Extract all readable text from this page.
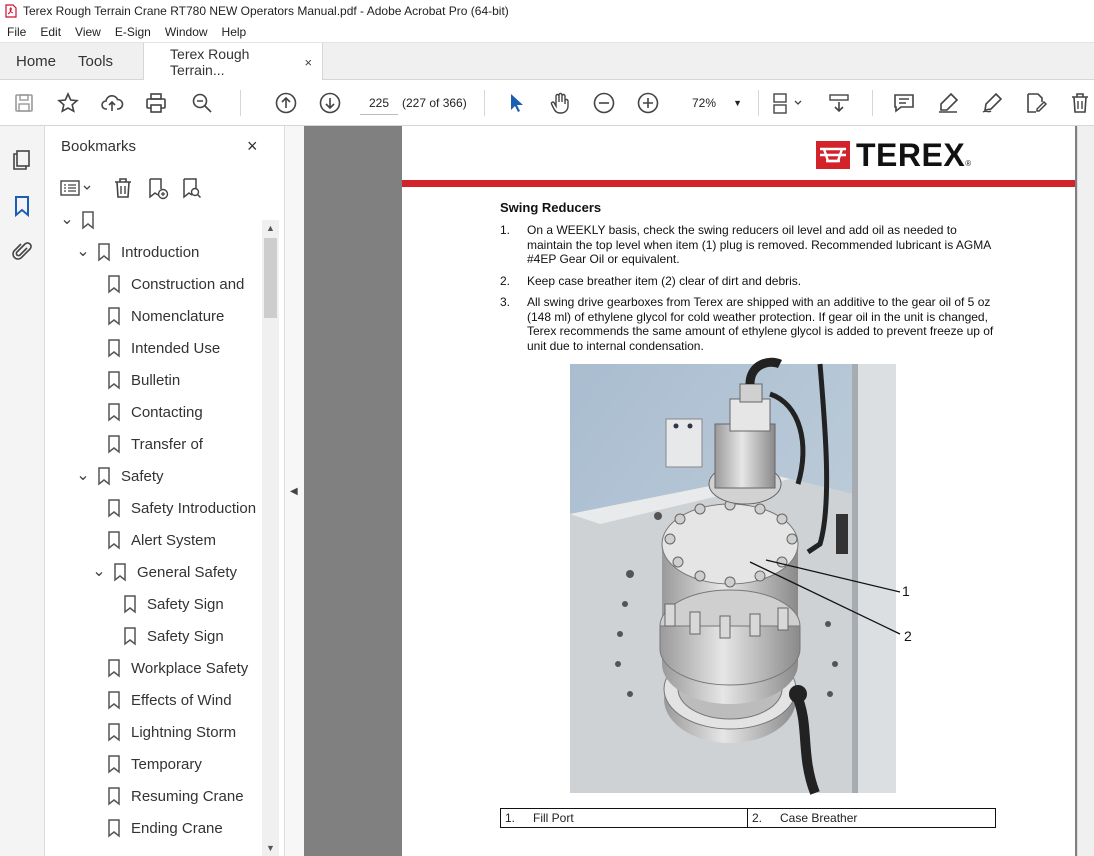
Terex Rough Terrain Crane RT780 NEW Operators Manual.pdf - Adobe Acrobat Pro (64-bit)
File	Edit	View	E-Sign	Window	Help
Home	Tools	Terex Rough Terrain...	×
225	(227 of 366)	72% ▼
Bookmarks	×
⌄
⌄ Introduction
Construction and
Nomenclature
Intended Use
Bulletin
Contacting
Transfer of
⌄ Safety
Safety Introduction
Alert System
⌄ General Safety
Safety Sign
Safety Sign
Workplace Safety
Effects of Wind
Lightning Storm
Temporary
Resuming Crane
Ending Crane
▲
▼
◀
TEREX ®
Swing Reducers
1.	On a WEEKLY basis, check the swing reducers oil level and add oil as needed to maintain the top level when item (1) plug is removed. Recommended lubricant is AGMA #4EP Gear Oil or equivalent.
2.	Keep case breather item (2) clear of dirt and debris.
3.	All swing drive gearboxes from Terex are shipped with an additive to the gear oil of 5 oz (148 ml) of ethylene glycol for cold weather protection. If gear oil in the unit is changed, Terex recommends the same amount of ethylene glycol is added to prevent freeze up of unit due to internal condensation.
1
2
1.	Fill Port	2.	Case Breather
